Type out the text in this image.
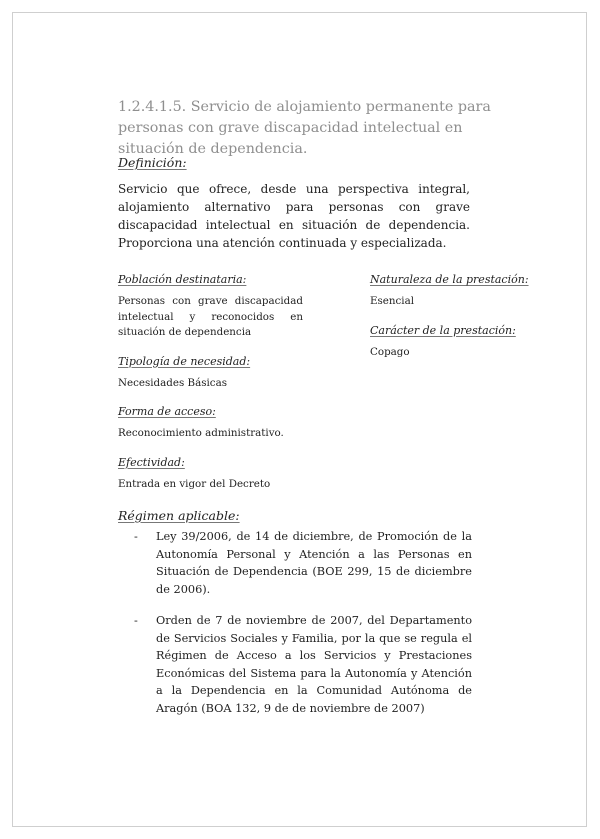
1.2.4.1.5. Servicio de alojamiento permanente para personas con grave discapacidad intelectual en situación de dependencia.
Definición:

Servicio que ofrece, desde una perspectiva integral, alojamiento alternativo para personas con grave discapacidad intelectual en situación de dependencia. Proporciona una atención continuada y especializada.

Población destinataria:

Personas con grave discapacidad intelectual y reconocidos en situación de dependencia

Tipología de necesidad:

Necesidades Básicas

Forma de acceso:

Reconocimiento administrativo.

Efectividad:

Entrada en vigor del Decreto

Naturaleza de la prestación:

Esencial

Carácter de la prestación:

Copago

Régimen aplicable:
- Ley 39/2006, de 14 de diciembre, de Promoción de la Autonomía Personal y Atención a las Personas en Situación de Dependencia (BOE 299, 15 de diciembre de 2006).
- Orden de 7 de noviembre de 2007, del Departamento de Servicios Sociales y Familia, por la que se regula el Régimen de Acceso a los Servicios y Prestaciones Económicas del Sistema para la Autonomía y Atención a la Dependencia en la Comunidad Autónoma de Aragón (BOA 132, 9 de de noviembre de 2007)
